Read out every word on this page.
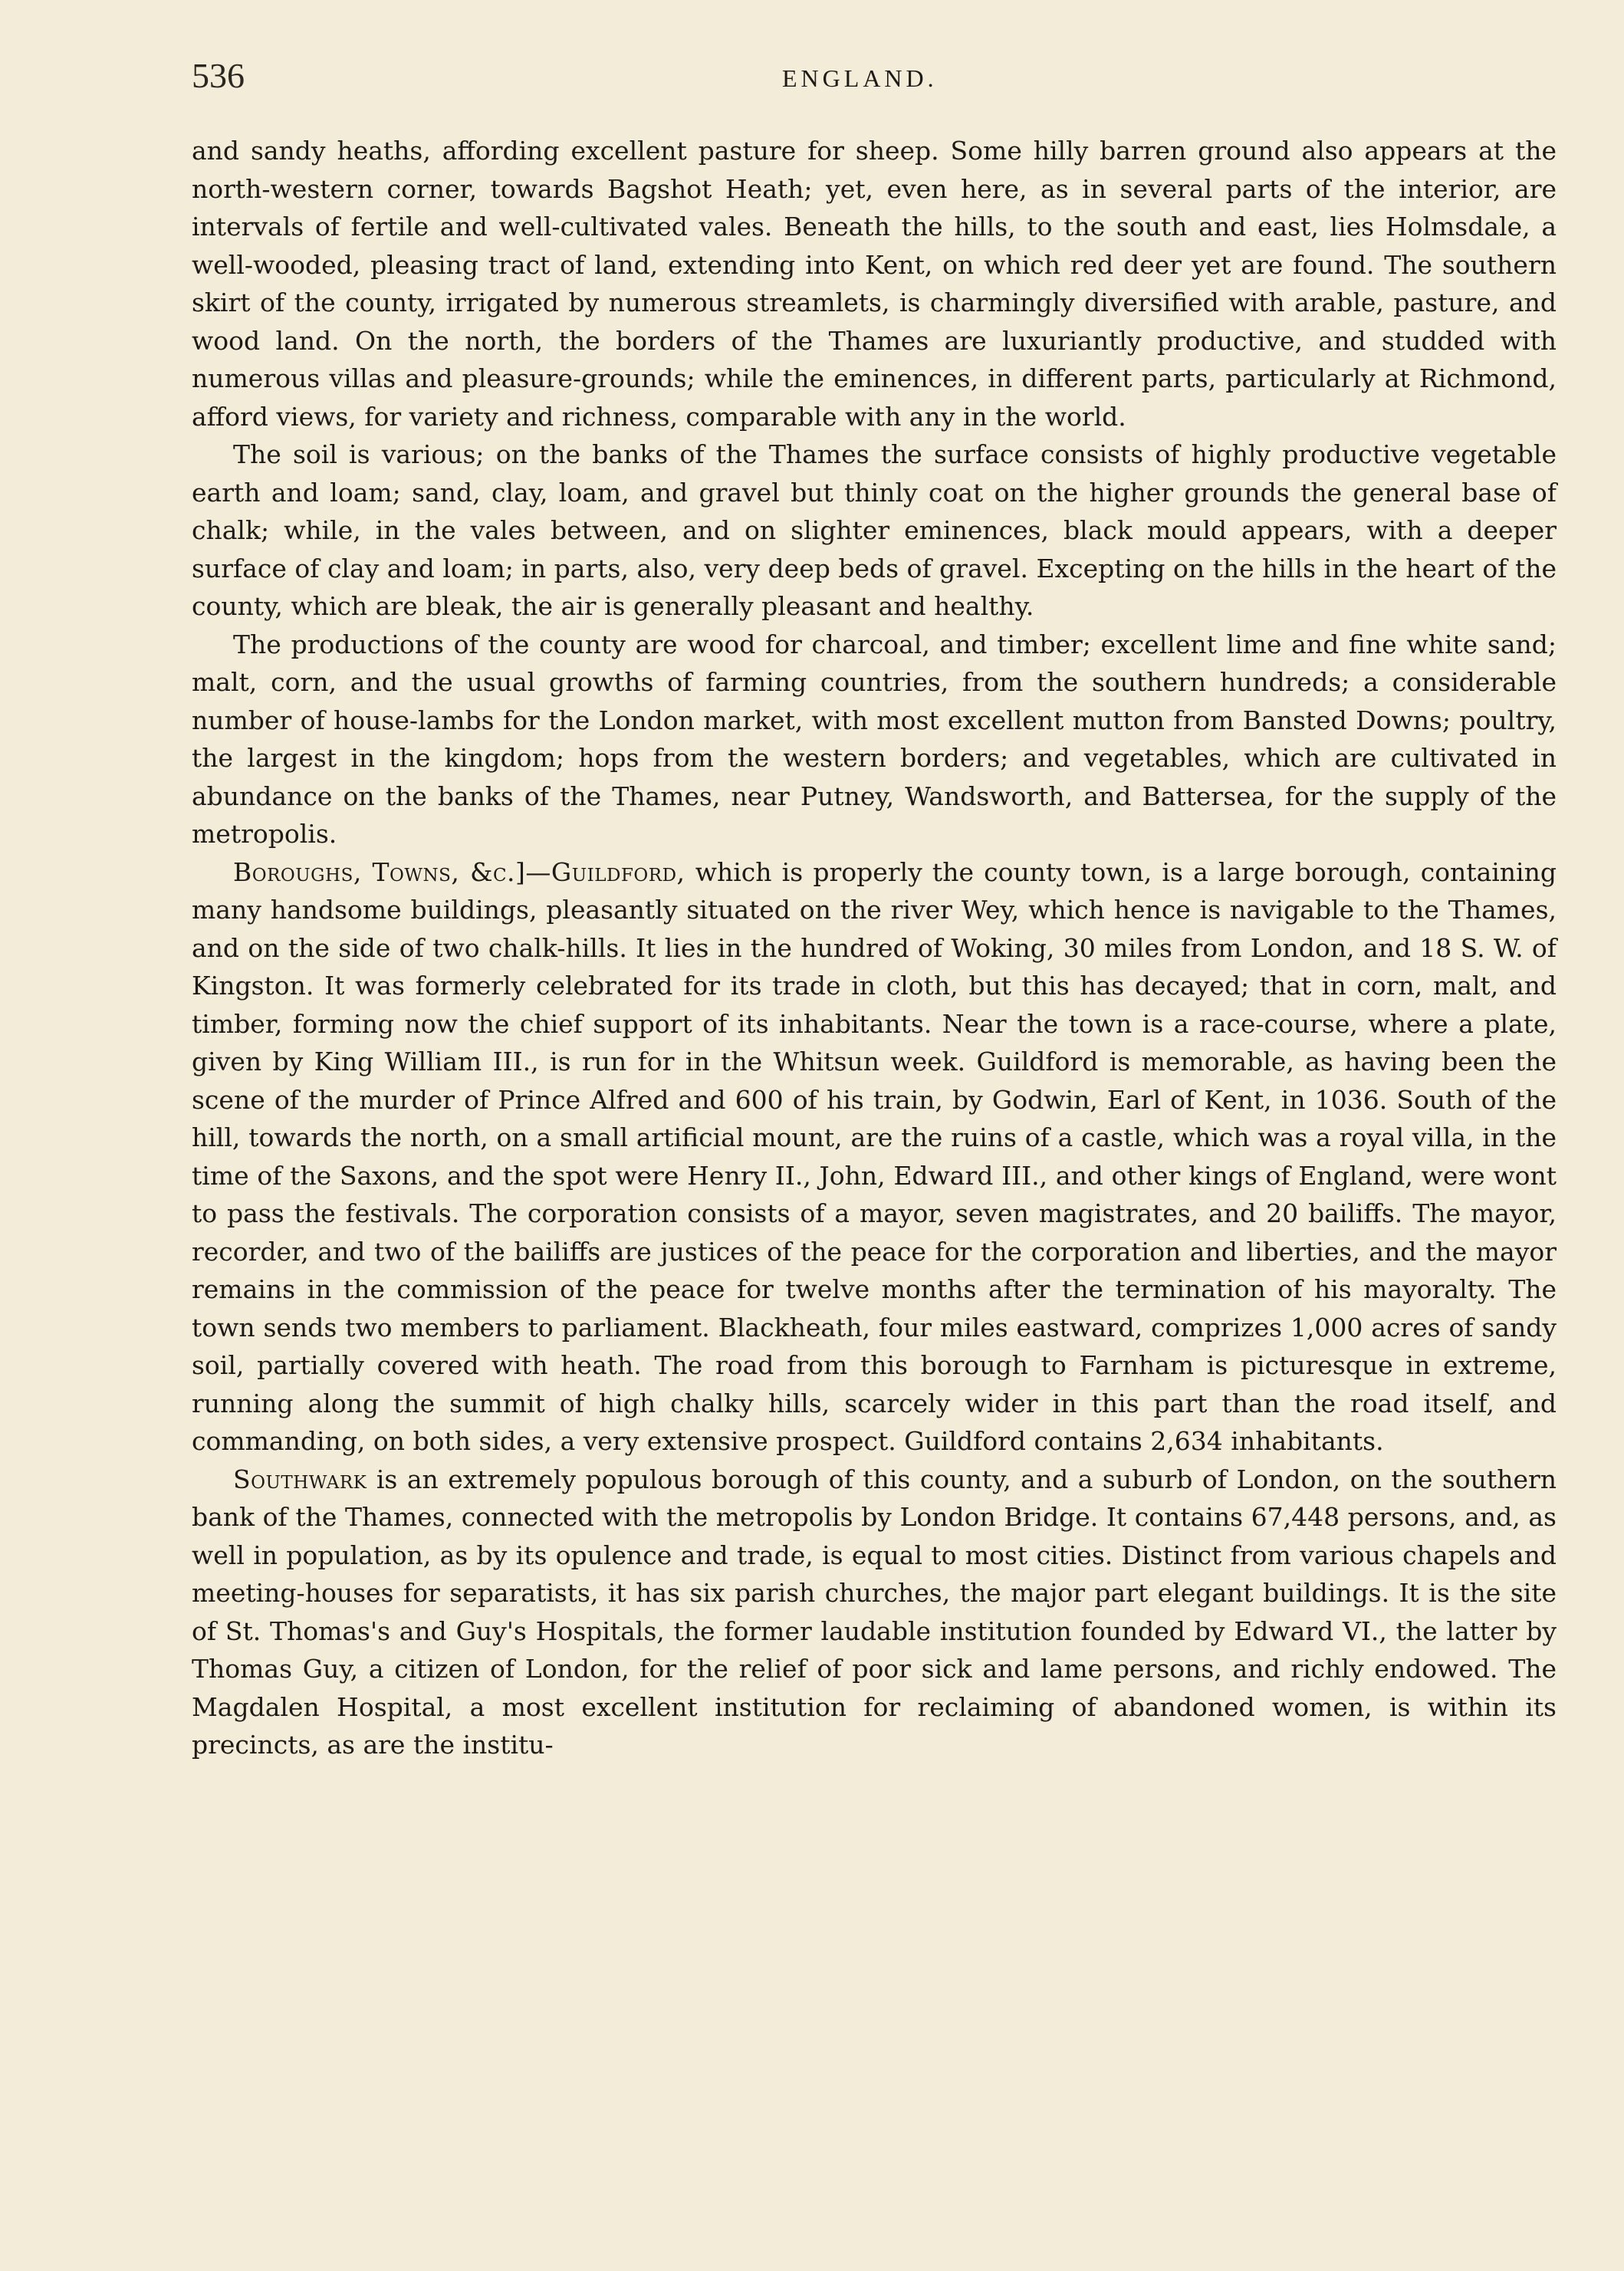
536	ENGLAND.

and sandy heaths, affording excellent pasture for sheep. Some hilly barren ground also appears at the north-western corner, towards Bagshot Heath; yet, even here, as in several parts of the interior, are intervals of fertile and well-cultivated vales. Beneath the hills, to the south and east, lies Holmsdale, a well-wooded, pleasing tract of land, extending into Kent, on which red deer yet are found. The southern skirt of the county, irrigated by numerous streamlets, is charmingly diversified with arable, pasture, and wood land. On the north, the borders of the Thames are luxuriantly productive, and studded with numerous villas and pleasure-grounds; while the eminences, in different parts, particularly at Richmond, afford views, for variety and richness, comparable with any in the world.

The soil is various; on the banks of the Thames the surface consists of highly productive vegetable earth and loam; sand, clay, loam, and gravel but thinly coat on the higher grounds the general base of chalk; while, in the vales between, and on slighter eminences, black mould appears, with a deeper surface of clay and loam; in parts, also, very deep beds of gravel. Excepting on the hills in the heart of the county, which are bleak, the air is generally pleasant and healthy.

The productions of the county are wood for charcoal, and timber; excellent lime and fine white sand; malt, corn, and the usual growths of farming countries, from the southern hundreds; a considerable number of house-lambs for the London market, with most excellent mutton from Bansted Downs; poultry, the largest in the kingdom; hops from the western borders; and vegetables, which are cultivated in abundance on the banks of the Thames, near Putney, Wandsworth, and Battersea, for the supply of the metropolis.

Boroughs, Towns, &c.]—Guildford, which is properly the county town, is a large borough, containing many handsome buildings, pleasantly situated on the river Wey, which hence is navigable to the Thames, and on the side of two chalk-hills. It lies in the hundred of Woking, 30 miles from London, and 18 S. W. of Kingston. It was formerly celebrated for its trade in cloth, but this has decayed; that in corn, malt, and timber, forming now the chief support of its inhabitants. Near the town is a race-course, where a plate, given by King William III., is run for in the Whitsun week. Guildford is memorable, as having been the scene of the murder of Prince Alfred and 600 of his train, by Godwin, Earl of Kent, in 1036. South of the hill, towards the north, on a small artificial mount, are the ruins of a castle, which was a royal villa, in the time of the Saxons, and the spot were Henry II., John, Edward III., and other kings of England, were wont to pass the festivals. The corporation consists of a mayor, seven magistrates, and 20 bailiffs. The mayor, recorder, and two of the bailiffs are justices of the peace for the corporation and liberties, and the mayor remains in the commission of the peace for twelve months after the termination of his mayoralty. The town sends two members to parliament. Blackheath, four miles eastward, comprizes 1,000 acres of sandy soil, partially covered with heath. The road from this borough to Farnham is picturesque in extreme, running along the summit of high chalky hills, scarcely wider in this part than the road itself, and commanding, on both sides, a very extensive prospect. Guildford contains 2,634 inhabitants.

Southwark is an extremely populous borough of this county, and a suburb of London, on the southern bank of the Thames, connected with the metropolis by London Bridge. It contains 67,448 persons, and, as well in population, as by its opulence and trade, is equal to most cities. Distinct from various chapels and meeting-houses for separatists, it has six parish churches, the major part elegant buildings. It is the site of St. Thomas's and Guy's Hospitals, the former laudable institution founded by Edward VI., the latter by Thomas Guy, a citizen of London, for the relief of poor sick and lame persons, and richly endowed. The Magdalen Hospital, a most excellent institution for reclaiming of abandoned women, is within its precincts, as are the institu-
